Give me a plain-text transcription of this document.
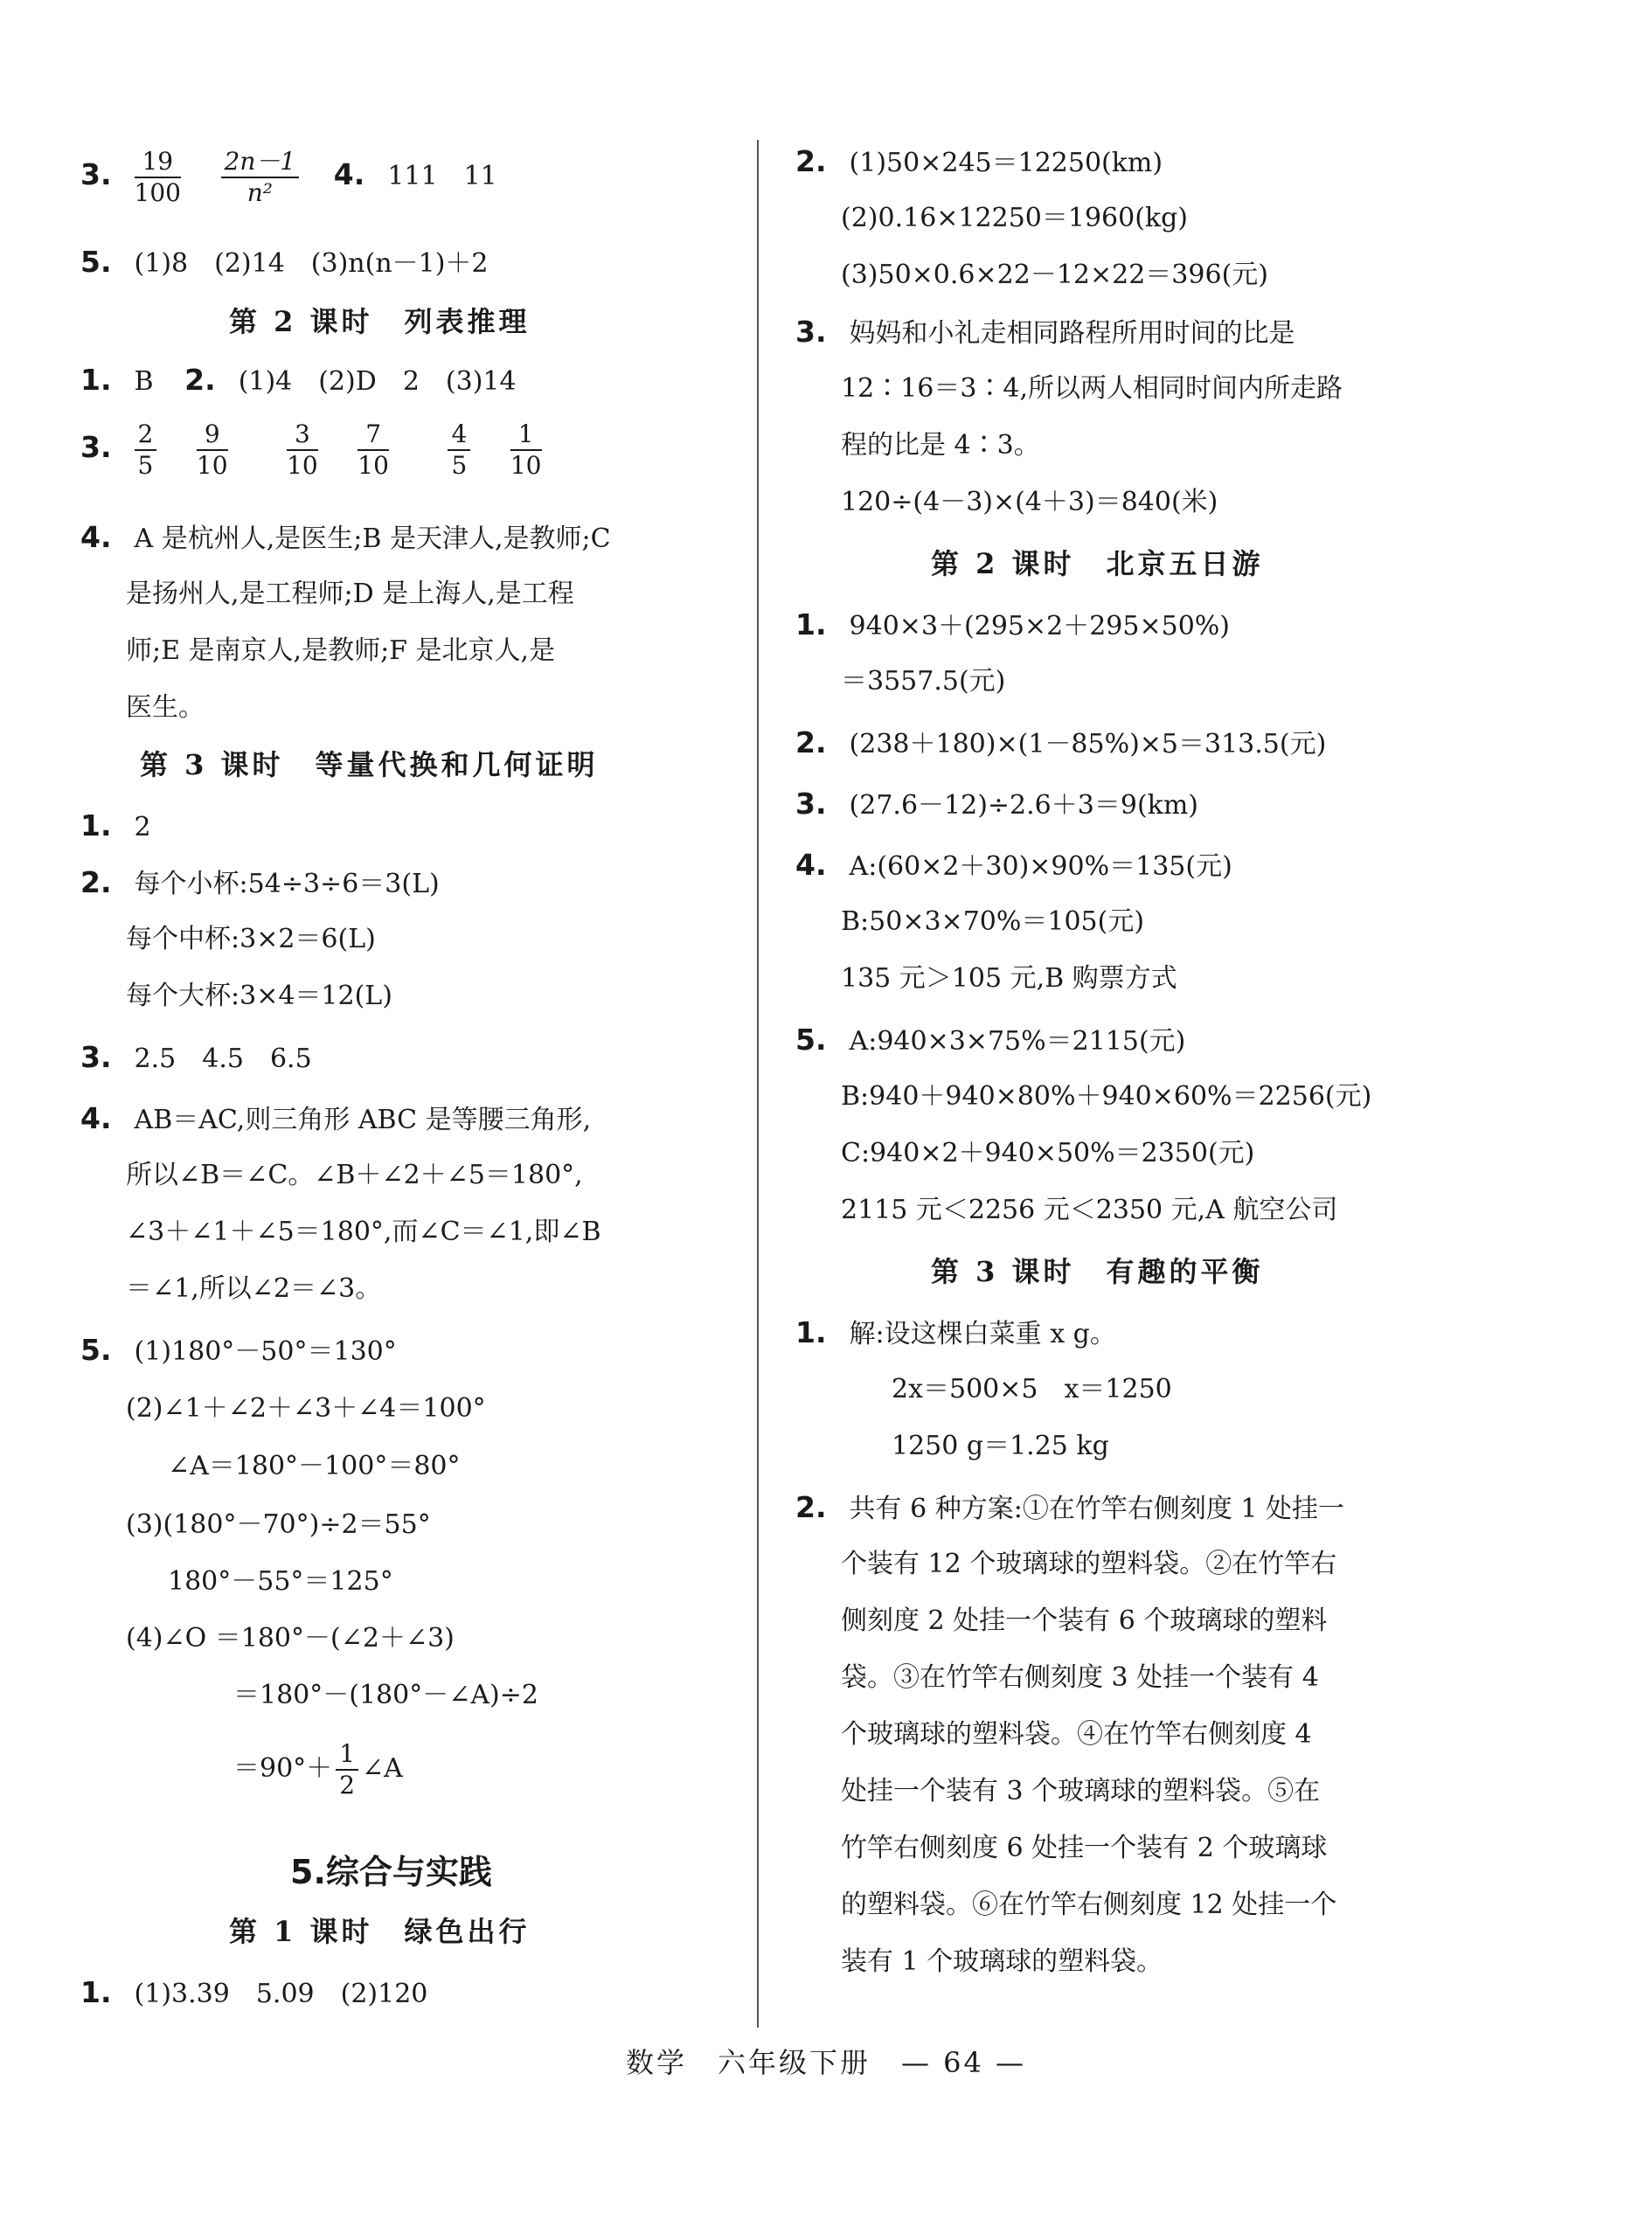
3. $\frac{19}{100}$
$\frac{2n-1}{\text{n²}} 4$. 111　11
5. (1)8　(2)14　(3)n(n－1)＋2
第 2 课时　列表推理
1. B 2. (1)4　(2)D　2　(3)14
3. $\frac{2}{5}$
$\frac{9}{10}$
$\frac{3}{10}$
$\frac{7}{10}$
$\frac{4}{5}$
$\frac{1}{10}$
4. A 是杭州人,是医生;B 是天津人,是教师;C
是扬州人,是工程师;D 是上海人,是工程
师;E 是南京人,是教师;F 是北京人,是
医生。
第 3 课时　等量代换和几何证明
1. 2
2. 每个小杯:54÷3÷6＝3(L)
每个中杯:3×2＝6(L)
每个大杯:3×4＝12(L)
3. 2.5　4.5　6.5
4. AB＝AC,则三角形 ABC 是等腰三角形,
所以∠B＝∠C。∠B＋∠2＋∠5＝180°,
∠3＋∠1＋∠5＝180°,而∠C＝∠1,即∠B
＝∠1,所以∠2＝∠3。
5. (1)180°－50°＝130°
(2)∠1＋∠2＋∠3＋∠4＝100°
∠A＝180°－100°＝80°
(3)(180°－70°)÷2＝55°
180°－55°＝125°
(4)∠O ＝180°－(∠2＋∠3)
＝180°－(180°－∠A)÷2
$=90^\circ+ \frac{1}{2}$ ∠A
5.综合与实践
第 1 课时　绿色出行
1. (1)3.39　5.09　(2)120
2. (1)50×245＝12250(km)
(2)0.16×12250＝1960(kg)
(3)50×0.6×22－12×22＝396(元)
3. 妈妈和小礼走相同路程所用时间的比是
12∶16＝3∶4,所以两人相同时间内所走路
程的比是 4∶3。
120÷(4－3)×(4＋3)＝840(米)
第 2 课时　北京五日游
1. 940×3＋(295×2＋295×50%)
＝3557.5(元)
2. (238＋180)×(1－85%)×5＝313.5(元)
3. (27.6－12)÷2.6＋3＝9(km)
4. A:(60×2＋30)×90%＝135(元)
B:50×3×70%＝105(元)
135 元＞105 元,B 购票方式
5. A:940×3×75%＝2115(元)
B:940＋940×80%＋940×60%＝2256(元)
C:940×2＋940×50%＝2350(元)
2115 元＜2256 元＜2350 元,A 航空公司
第 3 课时　有趣的平衡
1. 解:设这棵白菜重 x g。
2x＝500×5　x＝1250
1250 g＝1.25 kg
2. 共有 6 种方案:①在竹竿右侧刻度 1 处挂一
个装有 12 个玻璃球的塑料袋。②在竹竿右
侧刻度 2 处挂一个装有 6 个玻璃球的塑料
袋。③在竹竿右侧刻度 3 处挂一个装有 4
个玻璃球的塑料袋。④在竹竿右侧刻度 4
处挂一个装有 3 个玻璃球的塑料袋。⑤在
竹竿右侧刻度 6 处挂一个装有 2 个玻璃球
的塑料袋。⑥在竹竿右侧刻度 12 处挂一个
装有 1 个玻璃球的塑料袋。
数学　六年级下册　— 64 —
